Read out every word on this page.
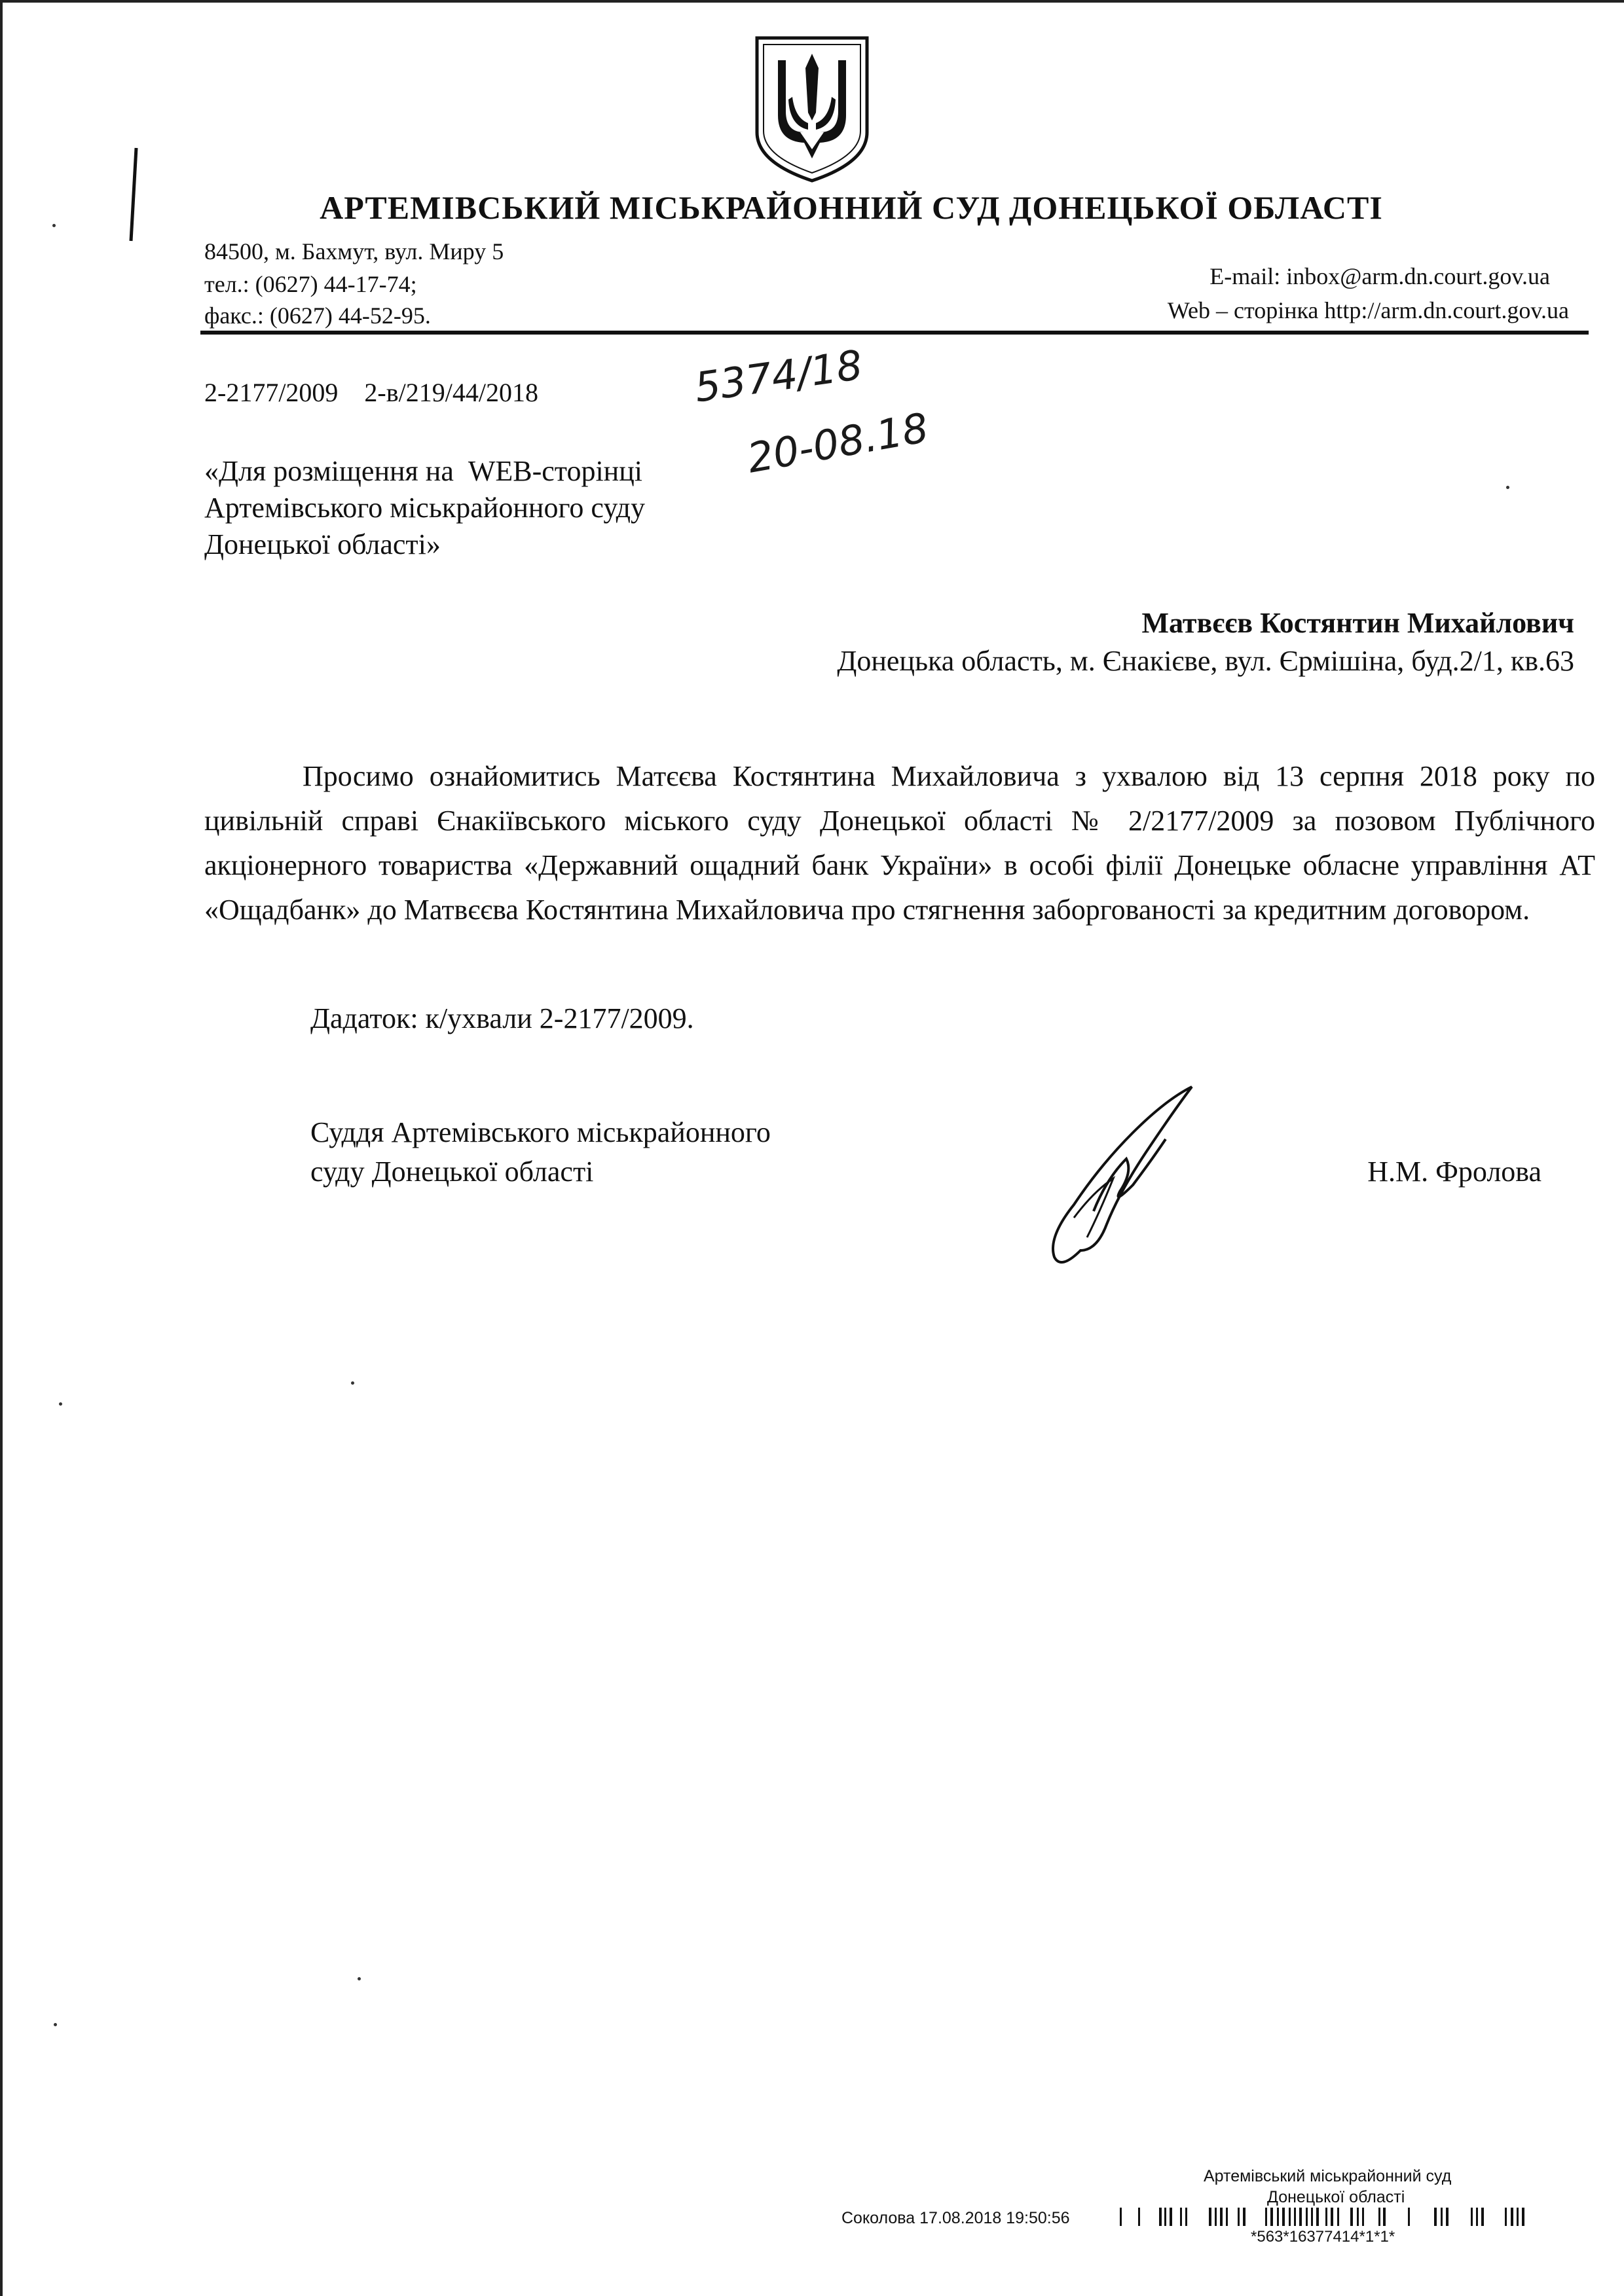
АРТЕМІВСЬКИЙ МІСЬКРАЙОННИЙ СУД ДОНЕЦЬКОЇ ОБЛАСТІ
84500, м. Бахмут, вул. Миру 5
тел.: (0627) 44-17-74;
факс.: (0627) 44-52-95.
E-mail: inbox@arm.dn.court.gov.ua
Web – сторінка http://arm.dn.court.gov.ua
2-2177/2009    2-в/219/44/2018	5374/18
20-08.18
«Для розміщення на  WEB-сторінці
Артемівського міськрайонного суду
Донецької області»
Матвєєв Костянтин Михайлович
Донецька область, м. Єнакієве, вул. Єрмішіна, буд.2/1, кв.63
Просимо ознайомитись Матєєва Костянтина Михайловича з ухвалою від 13 серпня 2018 року по цивільній справі Єнакіївського міського суду Донецької області № 2/2177/2009 за позовом Публічного акціонерного товариства «Державний ощадний банк України» в особі філії Донецьке обласне управління АТ «Ощадбанк» до Матвєєва Костянтина Михайловича про стягнення заборгованості за кредитним договором.
Дадаток: к/ухвали 2-2177/2009.
Суддя Артемівського міськрайонного
суду Донецької області	Н.М. Фролова
Артемівський міськрайонний суд
Донецької області
Соколова 17.08.2018 19:50:56
*563*16377414*1*1*
